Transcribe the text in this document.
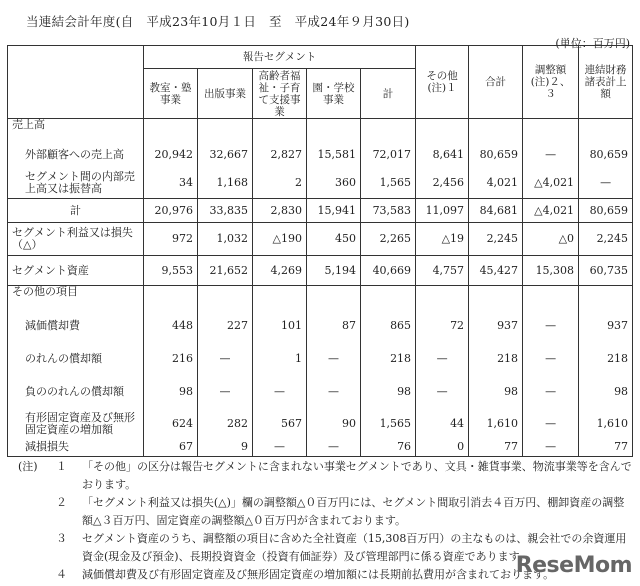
当連結会計年度(自　平成23年10月１日　至　平成24年９月30日)
(単位：百万円)
	報告セグメント					その他(注)１	合計	調整額(注)２、３	連結財務諸表計上額
	教室・塾事業	出版事業	高齢者福祉・子育て支援事業	園・学校事業	計				
売上高									
外部顧客への売上高	20,942	32,667	2,827	15,581	72,017	8,641	80,659	—	80,659
セグメント間の内部売上高又は振替高	34	1,168	2	360	1,565	2,456	4,021	△4,021	—
計	20,976	33,835	2,830	15,941	73,583	11,097	84,681	△4,021	80,659
セグメント利益又は損失（△）	972	1,032	△190	450	2,265	△19	2,245	△0	2,245
セグメント資産	9,553	21,652	4,269	5,194	40,669	4,757	45,427	15,308	60,735
その他の項目									
減価償却費	448	227	101	87	865	72	937	—	937
のれんの償却額	216	—	1	—	218	—	218	—	218
負ののれんの償却額	98	—	—	—	98	—	98	—	98
有形固定資産及び無形固定資産の増加額	624	282	567	90	1,565	44	1,610	—	1,610
減損損失	67	9	—	—	76	0	77	—	77
(注)	１	「その他」の区分は報告セグメントに含まれない事業セグメントであり、文具・雑貨事業、物流事業等を含んでおります。
２	「セグメント利益又は損失(△)」欄の調整額△０百万円には、セグメント間取引消去４百万円、棚卸資産の調整額△３百万円、固定資産の調整額△０百万円が含まれております。
３	セグメント資産のうち、調整額の項目に含めた全社資産（15,308百万円）の主なものは、親会社での余資運用資金(現金及び預金)、長期投資資金（投資有価証券）及び管理部門に係る資産であります。
４	減価償却費及び有形固定資産及び無形固定資産の増加額には長期前払費用が含まれております。
ReseMom
